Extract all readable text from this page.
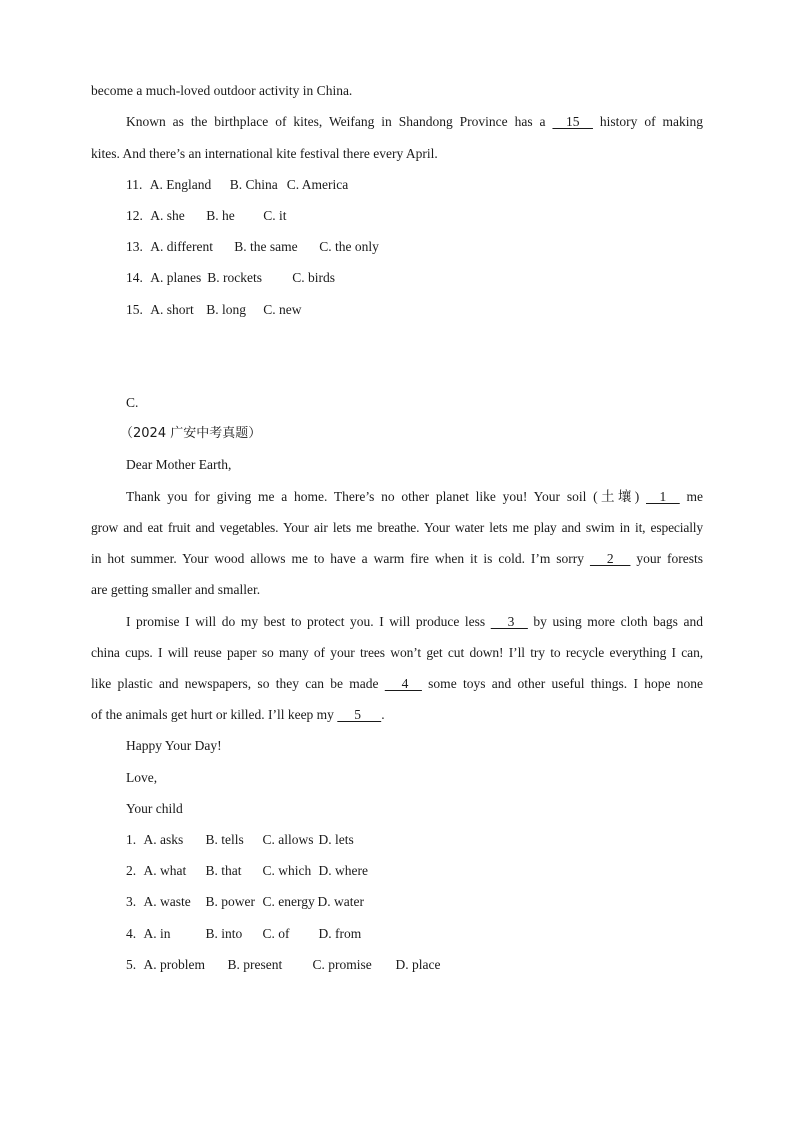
become a much-loved outdoor activity in China.
Known as the birthplace of kites, Weifang in Shandong Province has a     15     history of making
kites. And there’s an international kite festival there every April.
11. A. England B. China C. America
12. A. she B. he C. it
13. A. different B. the same C. the only
14. A. planes B. rockets C. birds
15. A. short B. long C. new
C.
（2024 广安中考真题）
Dear Mother Earth,
Thank you for giving me a home. There’s no other planet like you! Your soil (土壤)     1     me
grow and eat fruit and vegetables. Your air lets me breathe. Your water lets me play and swim in it, especially
in hot summer. Your wood allows me to have a warm fire when it is cold. I’m sorry      2      your forests
are getting smaller and smaller.
I promise I will do my best to protect you. I will produce less      3     by using more cloth bags and
china cups. I will reuse paper so many of your trees won’t get cut down! I’ll try to recycle everything I can,
like plastic and newspapers, so they can be made      4     some toys and other useful things. I hope none
of the animals get hurt or killed. I’ll keep my      5      .
Happy Your Day!
Love,
Your child
1. A. asks B. tells C. allows D. lets
2. A. what B. that C. which D. where
3. A. waste B. power C. energy D. water
4. A. in	B. into C. of D. from
5. A. problem B. present C. promise D. place
